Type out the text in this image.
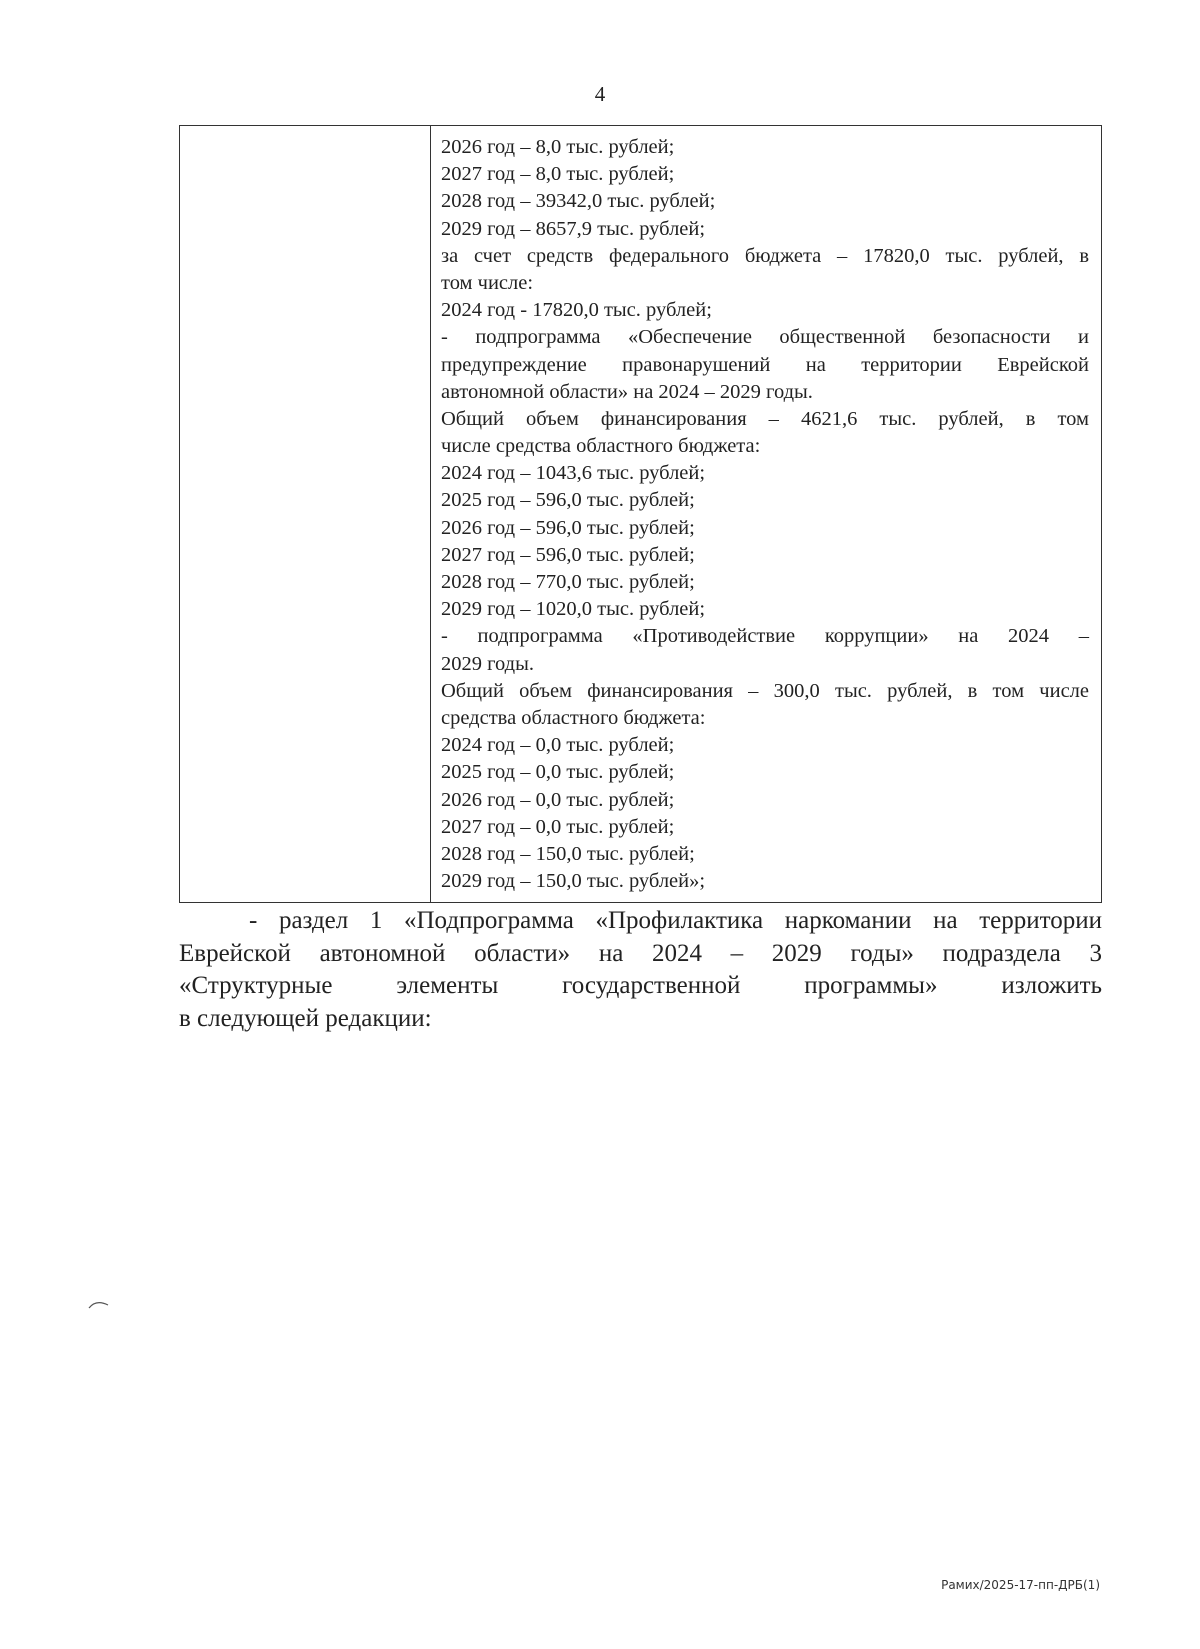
4
2026 год – 8,0 тыс. рублей;
2027 год – 8,0 тыс. рублей;
2028 год – 39342,0 тыс. рублей;
2029 год – 8657,9 тыс. рублей;
за счет средств федерального бюджета – 17820,0 тыс. рублей, в
том числе:
2024 год - 17820,0 тыс. рублей;
- подпрограмма «Обеспечение общественной безопасности и
предупреждение правонарушений на территории Еврейской
автономной области» на 2024 – 2029 годы.
Общий объем финансирования – 4621,6 тыс. рублей, в том
числе средства областного бюджета:
2024 год – 1043,6 тыс. рублей;
2025 год – 596,0 тыс. рублей;
2026 год – 596,0 тыс. рублей;
2027 год – 596,0 тыс. рублей;
2028 год – 770,0 тыс. рублей;
2029 год – 1020,0 тыс. рублей;
- подпрограмма «Противодействие коррупции» на 2024 –
2029 годы.
Общий объем финансирования – 300,0 тыс. рублей, в том числе
средства областного бюджета:
2024 год – 0,0 тыс. рублей;
2025 год – 0,0 тыс. рублей;
2026 год – 0,0 тыс. рублей;
2027 год – 0,0 тыс. рублей;
2028 год – 150,0 тыс. рублей;
2029 год – 150,0 тыс. рублей»;
- раздел 1 «Подпрограмма «Профилактика наркомании на территории
Еврейской автономной области» на 2024 – 2029 годы» подраздела 3
«Структурные элементы государственной программы» изложить
в следующей редакции:
Рамих/2025-17-пп-ДРБ(1)
